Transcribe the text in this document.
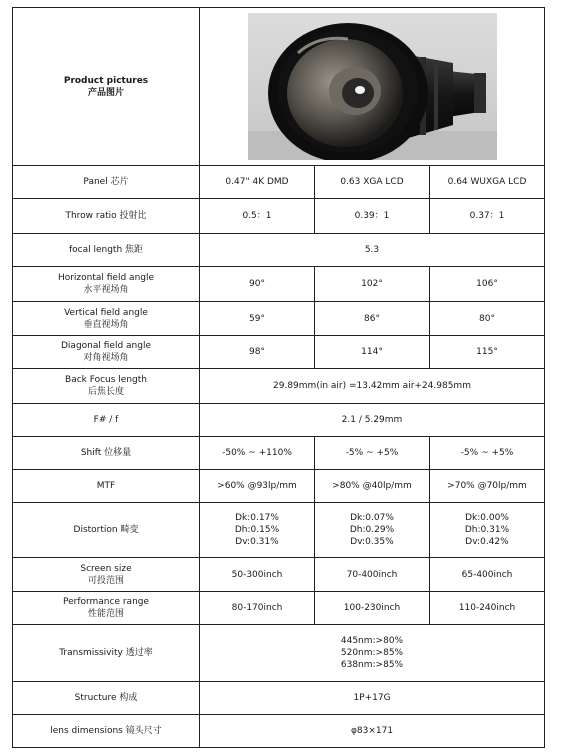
Product pictures
产品图片

Panel 芯片	0.47" 4K DMD	0.63 XGA LCD	0.64 WUXGA LCD
Throw ratio 投射比	0.5：1	0.39：1	0.37：1
focal length 焦距	5.3		

Horizontal field angle
水平视场角	90°	102°	106°

Vertical field angle
垂直视场角	59°	86°	80°

Diagonal field angle
对角视场角	98°	114°	115°

Back Focus length
后焦长度	29.89mm(in air) =13.42mm air+24.985mm		
F# / f	2.1 / 5.29mm		
Shift 位移量	-50% ~ +110%	-5% ~ +5%	-5% ~ +5%
MTF	>60% @93lp/mm	>80% @40lp/mm	>70% @70lp/mm
Distortion 畸变	Dk:0.17%
Dh:0.15%
Dv:0.31%	Dk:0.07%
Dh:0.29%
Dv:0.35%	Dk:0.00%
Dh:0.31%
Dv:0.42%

Screen size
可投范围	50-300inch	70-400inch	65-400inch

Performance range
性能范围	80-170inch	100-230inch	110-240inch
Transmissivity 透过率	445nm:>80%
520nm:>85%
638nm:>85%		

Structure 构成	1P+17G		
lens dimensions 镜头尺寸	φ83×171		
